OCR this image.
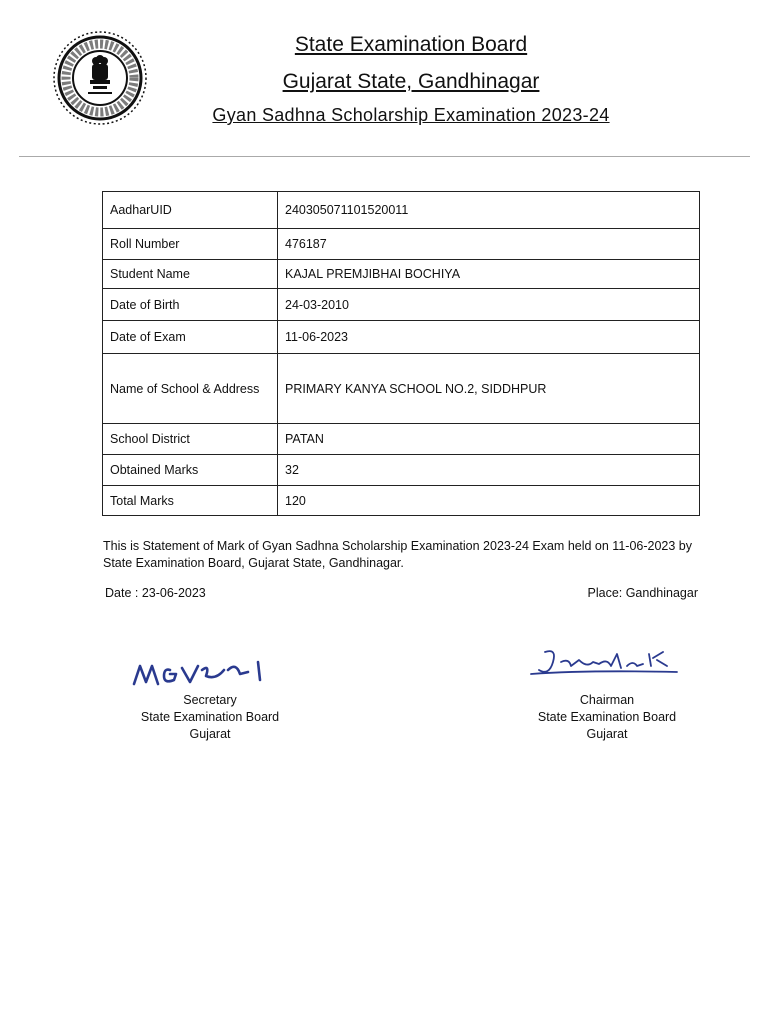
State Examination Board
Gujarat State, Gandhinagar
Gyan Sadhna Scholarship Examination 2023-24
AadharUID	240305071101520011
Roll Number	476187
Student Name	KAJAL PREMJIBHAI BOCHIYA
Date of Birth	24-03-2010
Date of Exam	11-06-2023
Name of School & Address	PRIMARY KANYA SCHOOL NO.2, SIDDHPUR
School District	PATAN
Obtained Marks	32
Total Marks	120
This is Statement of Mark of Gyan Sadhna Scholarship Examination 2023-24 Exam held on 11-06-2023 by State Examination Board, Gujarat State, Gandhinagar.
Date : 23-06-2023	Place: Gandhinagar
Secretary
State Examination Board
Gujarat
Chairman
State Examination Board
Gujarat
